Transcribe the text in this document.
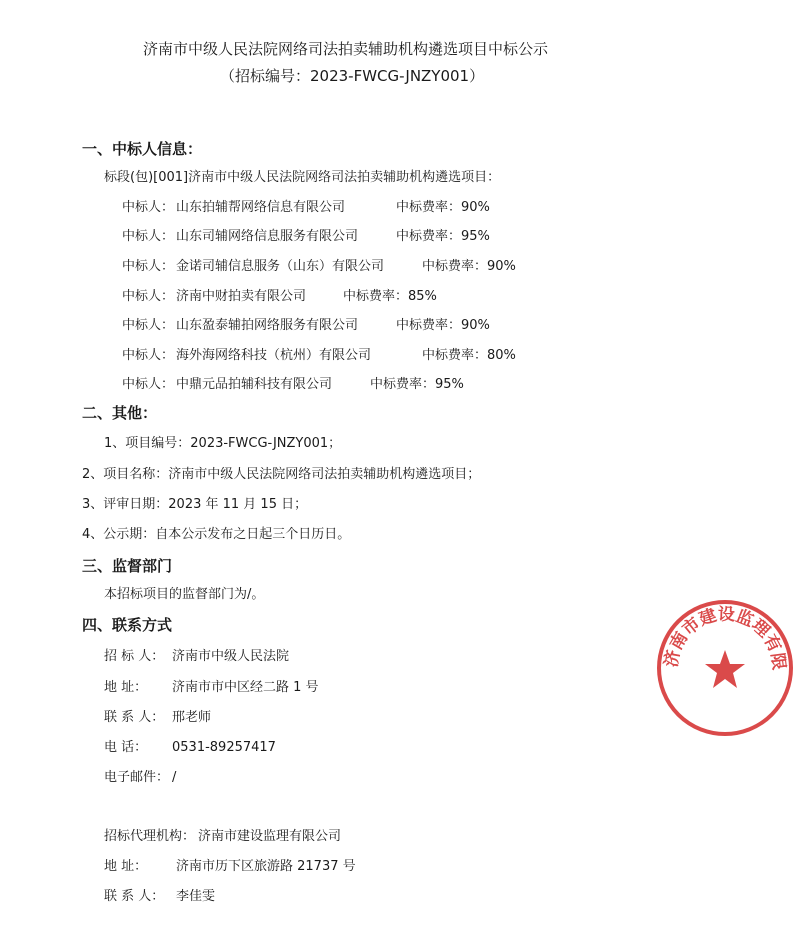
济南市中级人民法院网络司法拍卖辅助机构遴选项目中标公示
（招标编号：2023-FWCG-JNZY001）
一、中标人信息：
标段(包)[001]济南市中级人民法院网络司法拍卖辅助机构遴选项目：
中标人： 山东拍辅帮网络信息有限公司	中标费率：90%
中标人： 山东司辅网络信息服务有限公司	中标费率：95%
中标人： 金诺司辅信息服务（山东）有限公司	中标费率：90%
中标人： 济南中财拍卖有限公司	中标费率：85%
中标人： 山东盈泰辅拍网络服务有限公司	中标费率：90%
中标人： 海外海网络科技（杭州）有限公司	中标费率：80%
中标人： 中鼎元品拍辅科技有限公司	中标费率：95%
二、其他：
1、项目编号：2023-FWCG-JNZY001；
2、项目名称：济南市中级人民法院网络司法拍卖辅助机构遴选项目；
3、评审日期：2023 年 11 月 15 日；
4、公示期：自本公示发布之日起三个日历日。
三、监督部门
本招标项目的监督部门为/。
四、联系方式
招 标 人： 济南市中级人民法院
地 址： 济南市市中区经二路 1 号
联 系 人： 邢老师
电 话： 0531-89257417
电子邮件： /
招标代理机构： 济南市建设监理有限公司
地 址： 济南市历下区旅游路 21737 号
联 系 人： 李佳雯
济南市建设监理有限
